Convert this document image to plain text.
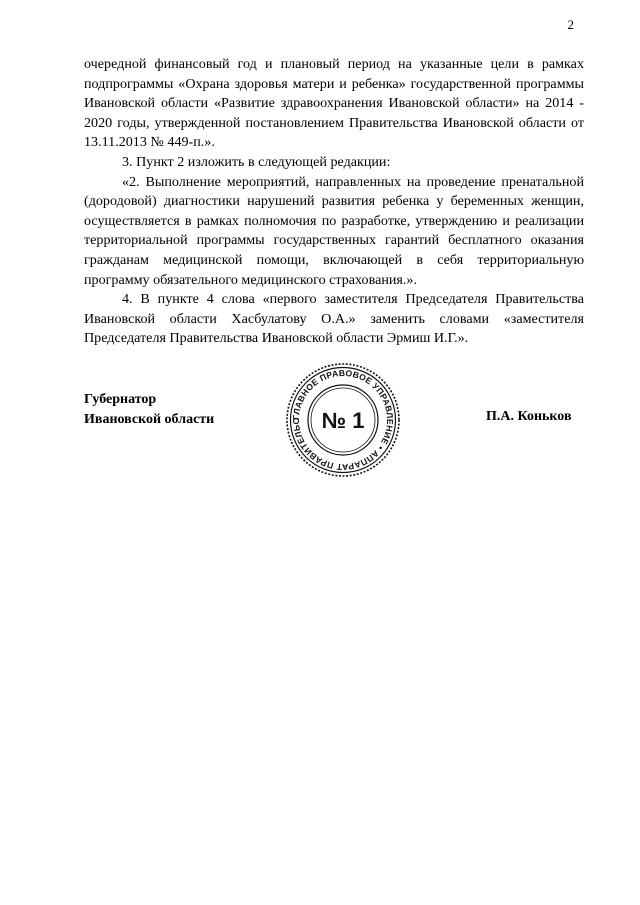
2

очередной финансовый год и плановый период на указанные цели в рамках подпрограммы «Охрана здоровья матери и ребенка» государственной программы Ивановской области «Развитие здравоохранения Ивановской области» на 2014 - 2020 годы, утвержденной постановлением Правительства Ивановской области от 13.11.2013 № 449-п.».

3. Пункт 2 изложить в следующей редакции:

«2. Выполнение мероприятий, направленных на проведение пренатальной (дородовой) диагностики нарушений развития ребенка у беременных женщин, осуществляется в рамках полномочия по разработке, утверждению и реализации территориальной программы государственных гарантий бесплатного оказания гражданам медицинской помощи, включающей в себя территориальную программу обязательного медицинского страхования.».

4. В пункте 4 слова «первого заместителя Председателя Правительства Ивановской области Хасбулатову О.А.» заменить словами «заместителя Председателя Правительства Ивановской области Эрмиш И.Г.».

Губернатор
Ивановской области	ГЛАВНОЕ ПРАВОВОЕ УПРАВЛЕНИЕ • АППАРАТ ПРАВИТЕЛЬС № 1	П.А. Коньков
